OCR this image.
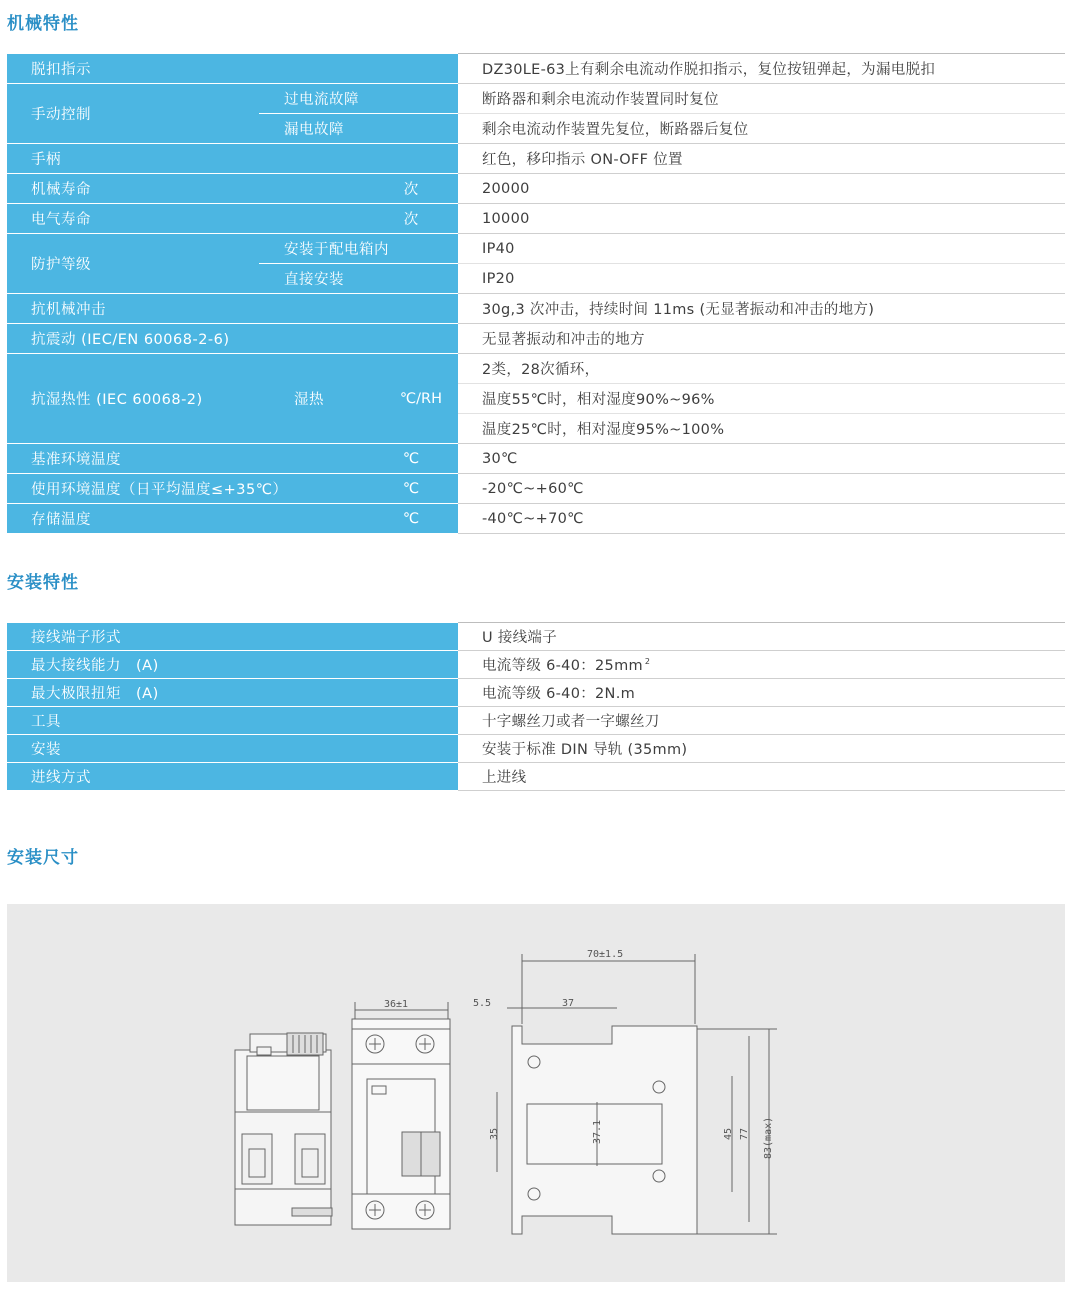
机械特性
脱扣指示			DZ30LE-63上有剩余电流动作脱扣指示，复位按钮弹起，为漏电脱扣
手动控制	过电流故障		断路器和剩余电流动作装置同时复位
	漏电故障		剩余电流动作装置先复位，断路器后复位
手柄			红色，移印指示 ON-OFF 位置
机械寿命		次	20000
电气寿命		次	10000
防护等级	安装于配电箱内		IP40
	直接安装		IP20
抗机械冲击			30g,3 次冲击，持续时间 11ms (无显著振动和冲击的地方)
抗震动 (IEC/EN 60068-2-6)			无显著振动和冲击的地方
抗湿热性 (IEC 60068-2)	湿热	℃/RH	2类，28次循环，
			温度55℃时，相对湿度90%~96%
			温度25℃时，相对湿度95%~100%
基准环境温度		℃	30℃
使用环境温度（日平均温度≤+35℃）		℃	-20℃~+60℃
存储温度		℃	-40℃~+70℃
安装特性
接线端子形式	U 接线端子
最大接线能力　(A)	电流等级 6-40：25mm $^2$
最大极限扭矩　(A)	电流等级 6-40：2N.m
工具	十字螺丝刀或者一字螺丝刀
安装	安装于标准 DIN 导轨 (35mm)
进线方式	上进线
安装尺寸
36±1
70±1.5
5.5	37
35	37.1	45 77 83(max)
